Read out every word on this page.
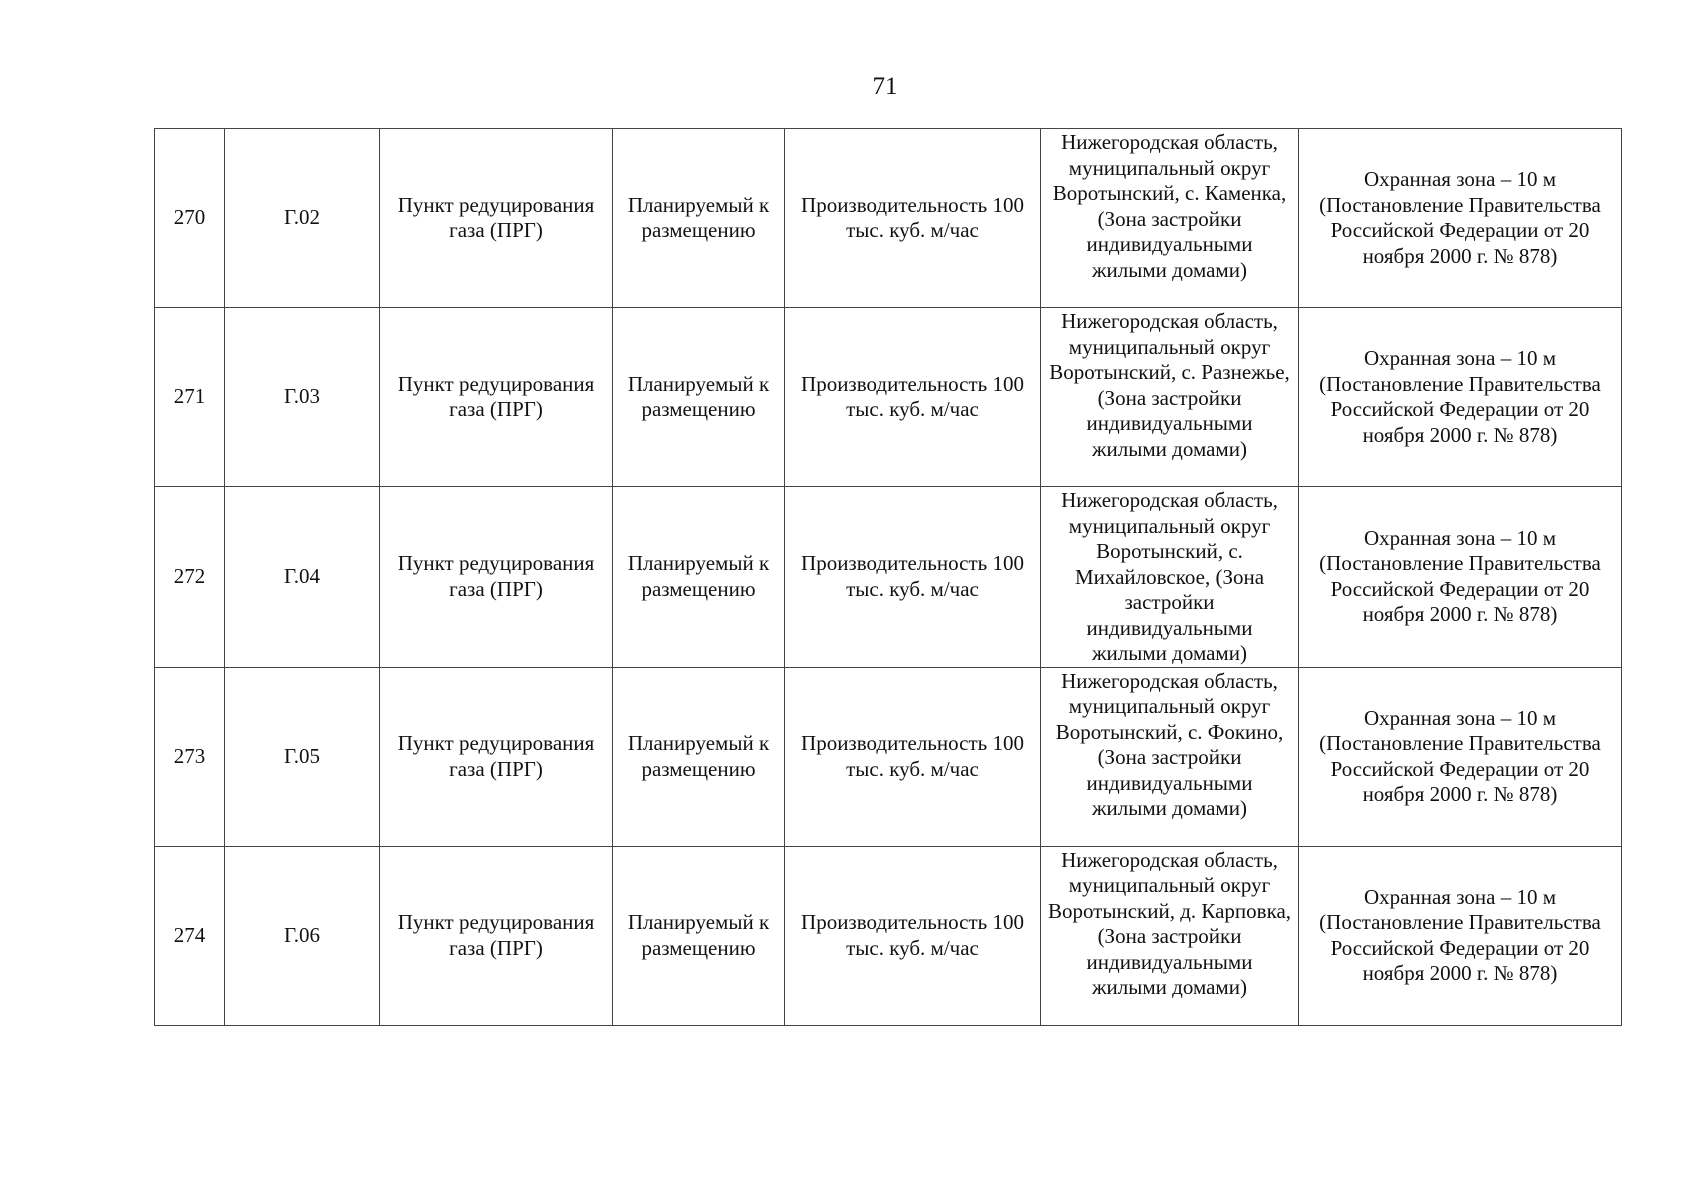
71
270	Г.02	Пункт редуцирования газа (ПРГ)	Планируемый к размещению	Производительность 100 тыс. куб. м/час	Нижегородская область, муниципальный округ Воротынский, с. Каменка, (Зона застройки индивидуальными жилыми домами)	Охранная зона – 10 м (Постановление Правительства Российской Федерации от 20 ноября 2000 г. № 878)

271	Г.03	Пункт редуцирования газа (ПРГ)	Планируемый к размещению	Производительность 100 тыс. куб. м/час	Нижегородская область, муниципальный округ Воротынский, с. Разнежье, (Зона застройки индивидуальными жилыми домами)	Охранная зона – 10 м (Постановление Правительства Российской Федерации от 20 ноября 2000 г. № 878)

272	Г.04	Пункт редуцирования газа (ПРГ)	Планируемый к размещению	Производительность 100 тыс. куб. м/час	Нижегородская область, муниципальный округ Воротынский, с. Михайловское, (Зона застройки индивидуальными жилыми домами)	Охранная зона – 10 м (Постановление Правительства Российской Федерации от 20 ноября 2000 г. № 878)

273	Г.05	Пункт редуцирования газа (ПРГ)	Планируемый к размещению	Производительность 100 тыс. куб. м/час	Нижегородская область, муниципальный округ Воротынский, с. Фокино, (Зона застройки индивидуальными жилыми домами)	Охранная зона – 10 м (Постановление Правительства Российской Федерации от 20 ноября 2000 г. № 878)

274	Г.06	Пункт редуцирования газа (ПРГ)	Планируемый к размещению	Производительность 100 тыс. куб. м/час	Нижегородская область, муниципальный округ Воротынский, д. Карповка, (Зона застройки индивидуальными жилыми домами)	Охранная зона – 10 м (Постановление Правительства Российской Федерации от 20 ноября 2000 г. № 878)
